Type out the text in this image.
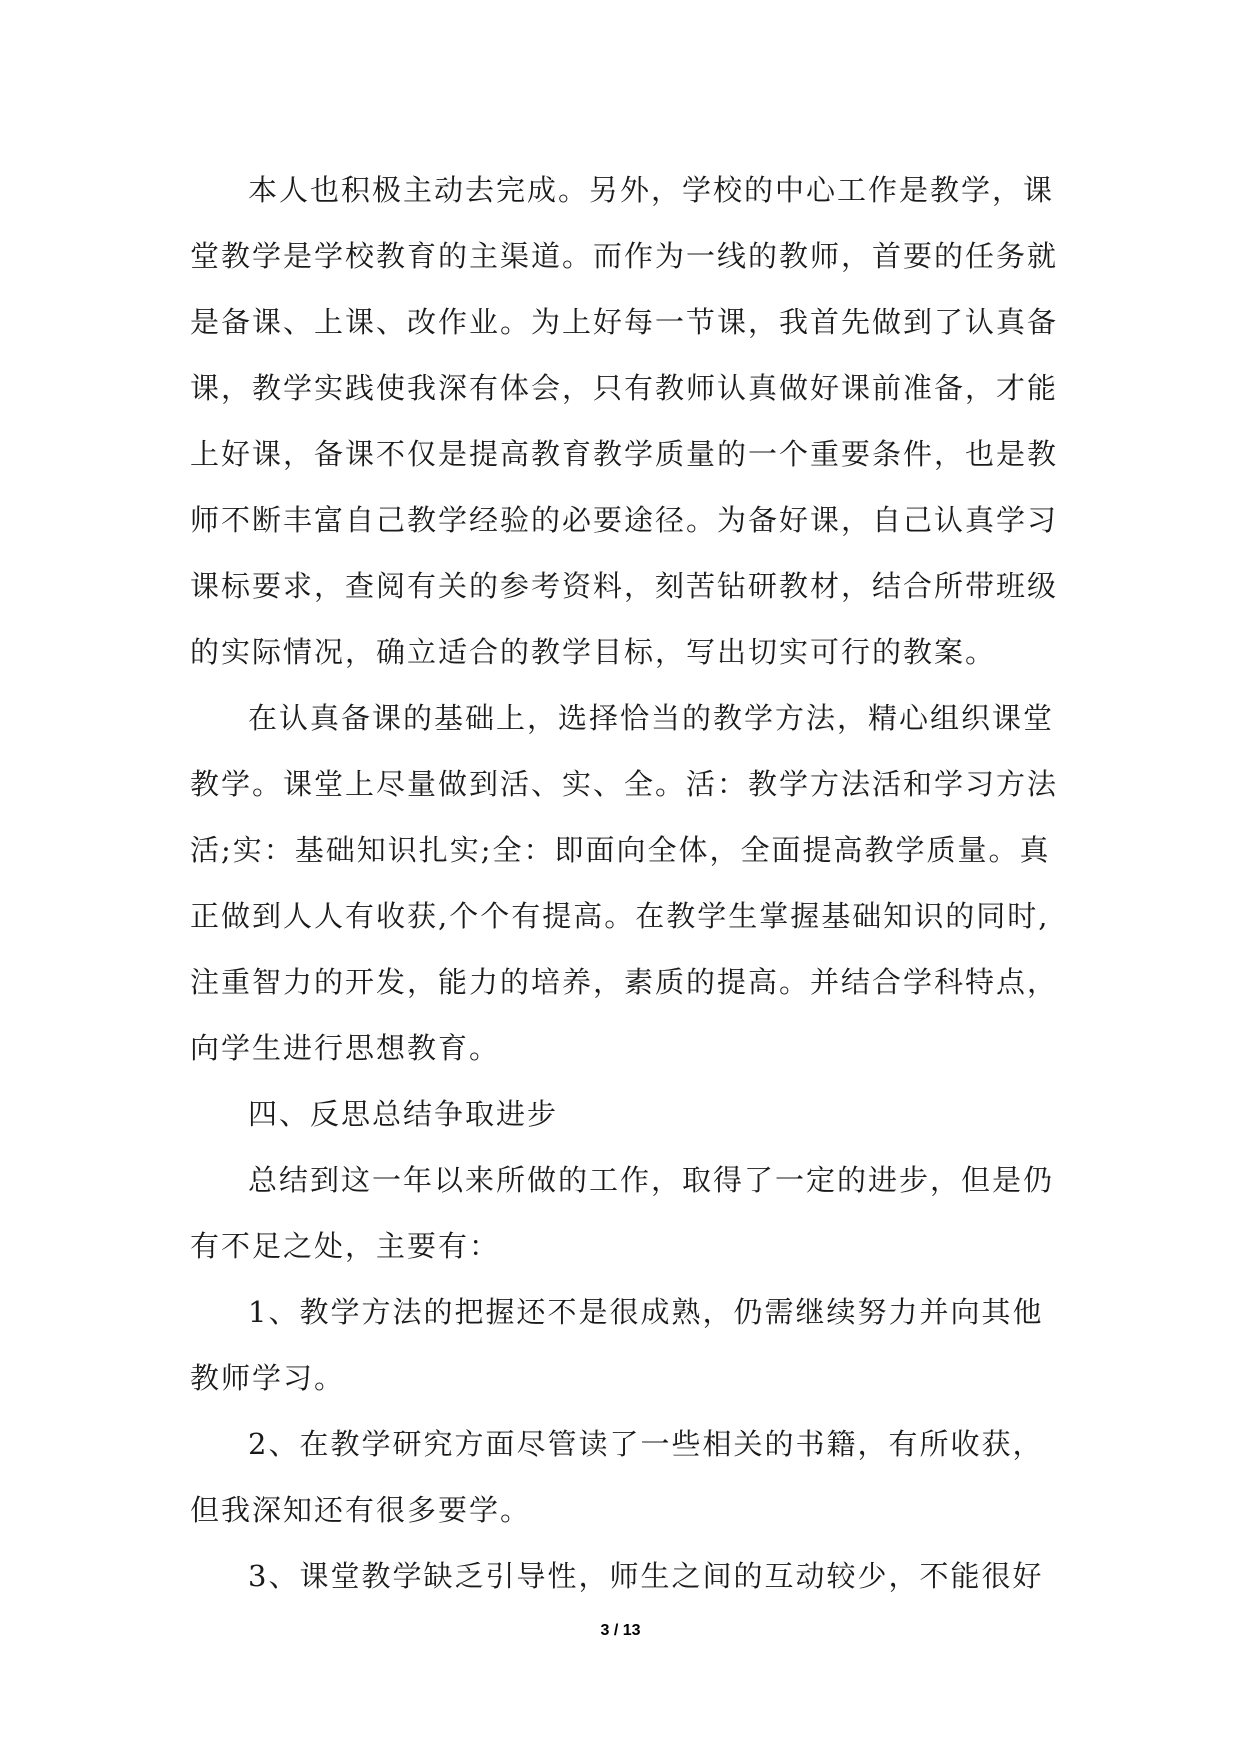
本人也积极主动去完成。另外，学校的中心工作是教学，课
堂教学是学校教育的主渠道。而作为一线的教师，首要的任务就
是备课、上课、改作业。为上好每一节课，我首先做到了认真备
课，教学实践使我深有体会，只有教师认真做好课前准备，才能
上好课，备课不仅是提高教育教学质量的一个重要条件，也是教
师不断丰富自己教学经验的必要途径。为备好课，自己认真学习
课标要求，查阅有关的参考资料，刻苦钻研教材，结合所带班级
的实际情况，确立适合的教学目标，写出切实可行的教案。
在认真备课的基础上，选择恰当的教学方法，精心组织课堂
教学。课堂上尽量做到活、实、全。活：教学方法活和学习方法
活;实：基础知识扎实;全：即面向全体，全面提高教学质量。真
正做到人人有收获,个个有提高。在教学生掌握基础知识的同时,
注重智力的开发，能力的培养，素质的提高。并结合学科特点，
向学生进行思想教育。
四、反思总结争取进步
总结到这一年以来所做的工作，取得了一定的进步，但是仍
有不足之处，主要有：
1、教学方法的把握还不是很成熟，仍需继续努力并向其他
教师学习。
2、在教学研究方面尽管读了一些相关的书籍，有所收获，
但我深知还有很多要学。
3、课堂教学缺乏引导性，师生之间的互动较少，不能很好
3 / 13
